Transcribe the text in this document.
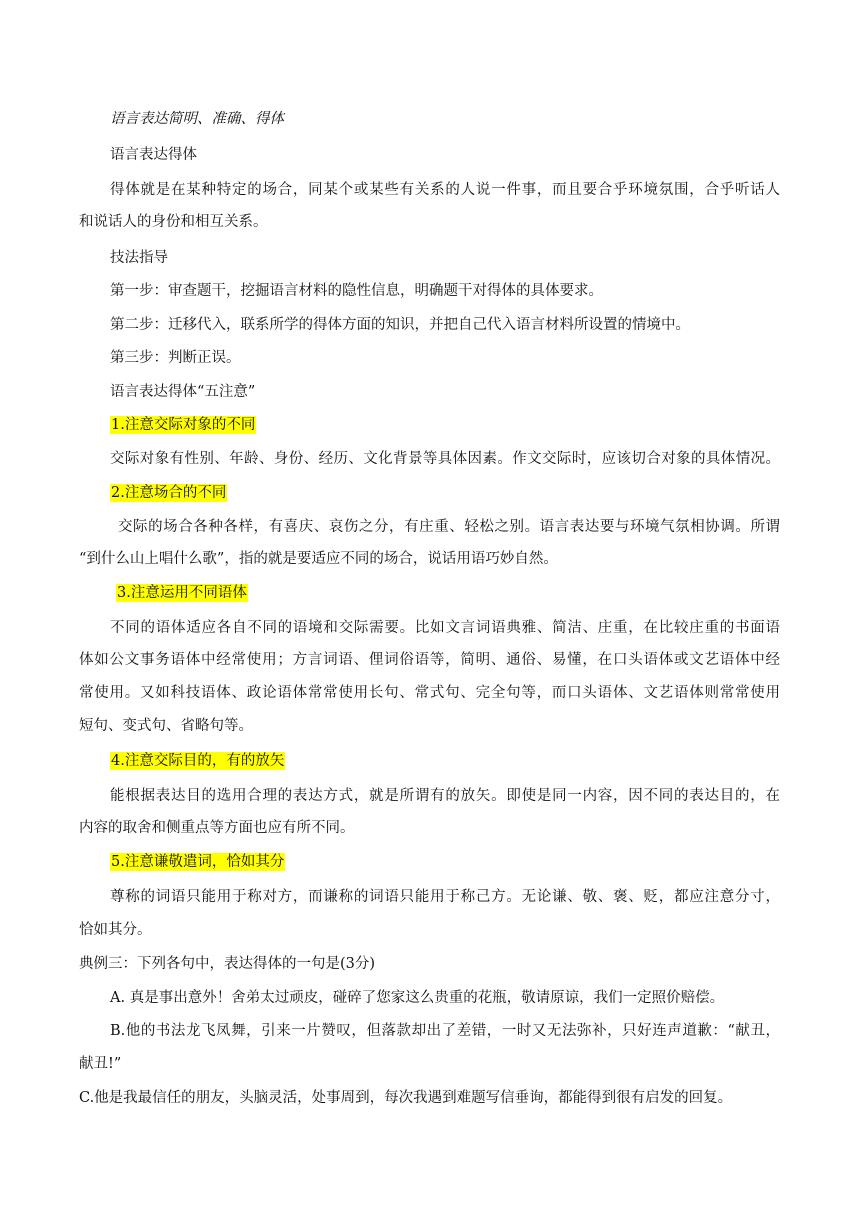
语言表达简明、准确、得体
语言表达得体
得体就是在某种特定的场合，同某个或某些有关系的人说一件事，而且要合乎环境氛围，合乎听话人
和说话人的身份和相互关系。
技法指导
第一步：审查题干，挖掘语言材料的隐性信息，明确题干对得体的具体要求。
第二步：迁移代入，联系所学的得体方面的知识，并把自己代入语言材料所设置的情境中。
第三步：判断正误。
语言表达得体“五注意”
1.注意交际对象的不同
交际对象有性别、年龄、身份、经历、文化背景等具体因素。作文交际时，应该切合对象的具体情况。
2.注意场合的不同
交际的场合各种各样，有喜庆、哀伤之分，有庄重、轻松之别。语言表达要与环境气氛相协调。所谓
“到什么山上唱什么歌”，指的就是要适应不同的场合，说话用语巧妙自然。
3.注意运用不同语体
不同的语体适应各自不同的语境和交际需要。比如文言词语典雅、简洁、庄重，在比较庄重的书面语
体如公文事务语体中经常使用；方言词语、俚词俗语等，简明、通俗、易懂，在口头语体或文艺语体中经
常使用。又如科技语体、政论语体常常使用长句、常式句、完全句等，而口头语体、文艺语体则常常使用
短句、变式句、省略句等。
4.注意交际目的，有的放矢
能根据表达目的选用合理的表达方式，就是所谓有的放矢。即使是同一内容，因不同的表达目的，在
内容的取舍和侧重点等方面也应有所不同。
5.注意谦敬遣词，恰如其分
尊称的词语只能用于称对方，而谦称的词语只能用于称己方。无论谦、敬、褒、贬，都应注意分寸，
恰如其分。
典例三：下列各句中，表达得体的一句是(3分)
A. 真是事出意外！舍弟太过顽皮，碰碎了您家这么贵重的花瓶，敬请原谅，我们一定照价赔偿。
B.他的书法龙飞凤舞，引来一片赞叹，但落款却出了差错，一时又无法弥补，只好连声道歉：“献丑，
献丑!”
C.他是我最信任的朋友，头脑灵活，处事周到，每次我遇到难题写信垂询，都能得到很有启发的回复。
